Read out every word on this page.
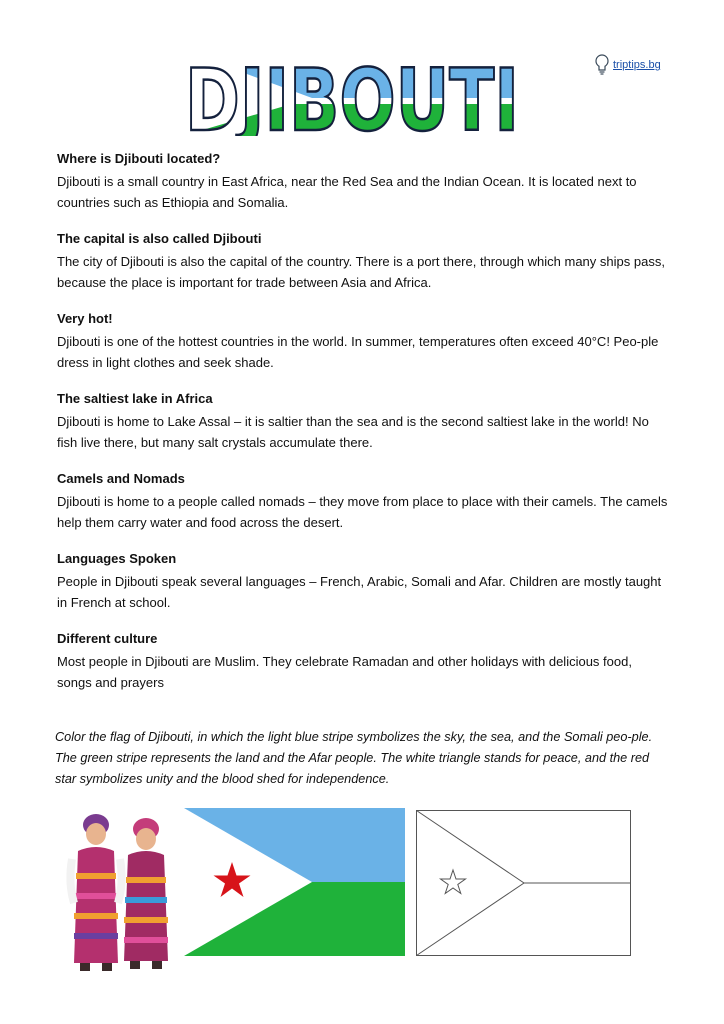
DJIBOUTI	triptips.bg
Where is Djibouti located?

Djibouti is a small country in East Africa, near the Red Sea and the Indian Ocean. It is located next to countries such as Ethiopia and Somalia.

The capital is also called Djibouti

The city of Djibouti is also the capital of the country. There is a port there, through which many ships pass, because the place is important for trade between Asia and Africa.

Very hot!

Djibouti is one of the hottest countries in the world. In summer, temperatures often exceed 40°C! Peo-ple dress in light clothes and seek shade.

The saltiest lake in Africa

Djibouti is home to Lake Assal – it is saltier than the sea and is the second saltiest lake in the world! No fish live there, but many salt crystals accumulate there.

Camels and Nomads

Djibouti is home to a people called nomads – they move from place to place with their camels. The camels help them carry water and food across the desert.

Languages Spoken

People in Djibouti speak several languages – French, Arabic, Somali and Afar. Children are mostly taught in French at school.

Different culture

Most people in Djibouti are Muslim. They celebrate Ramadan and other holidays with delicious food, songs and prayers

Color the flag of Djibouti, in which the light blue stripe symbolizes the sky, the sea, and the Somali peo-ple. The green stripe represents the land and the Afar people. The white triangle stands for peace, and the red star symbolizes unity and the blood shed for independence.
